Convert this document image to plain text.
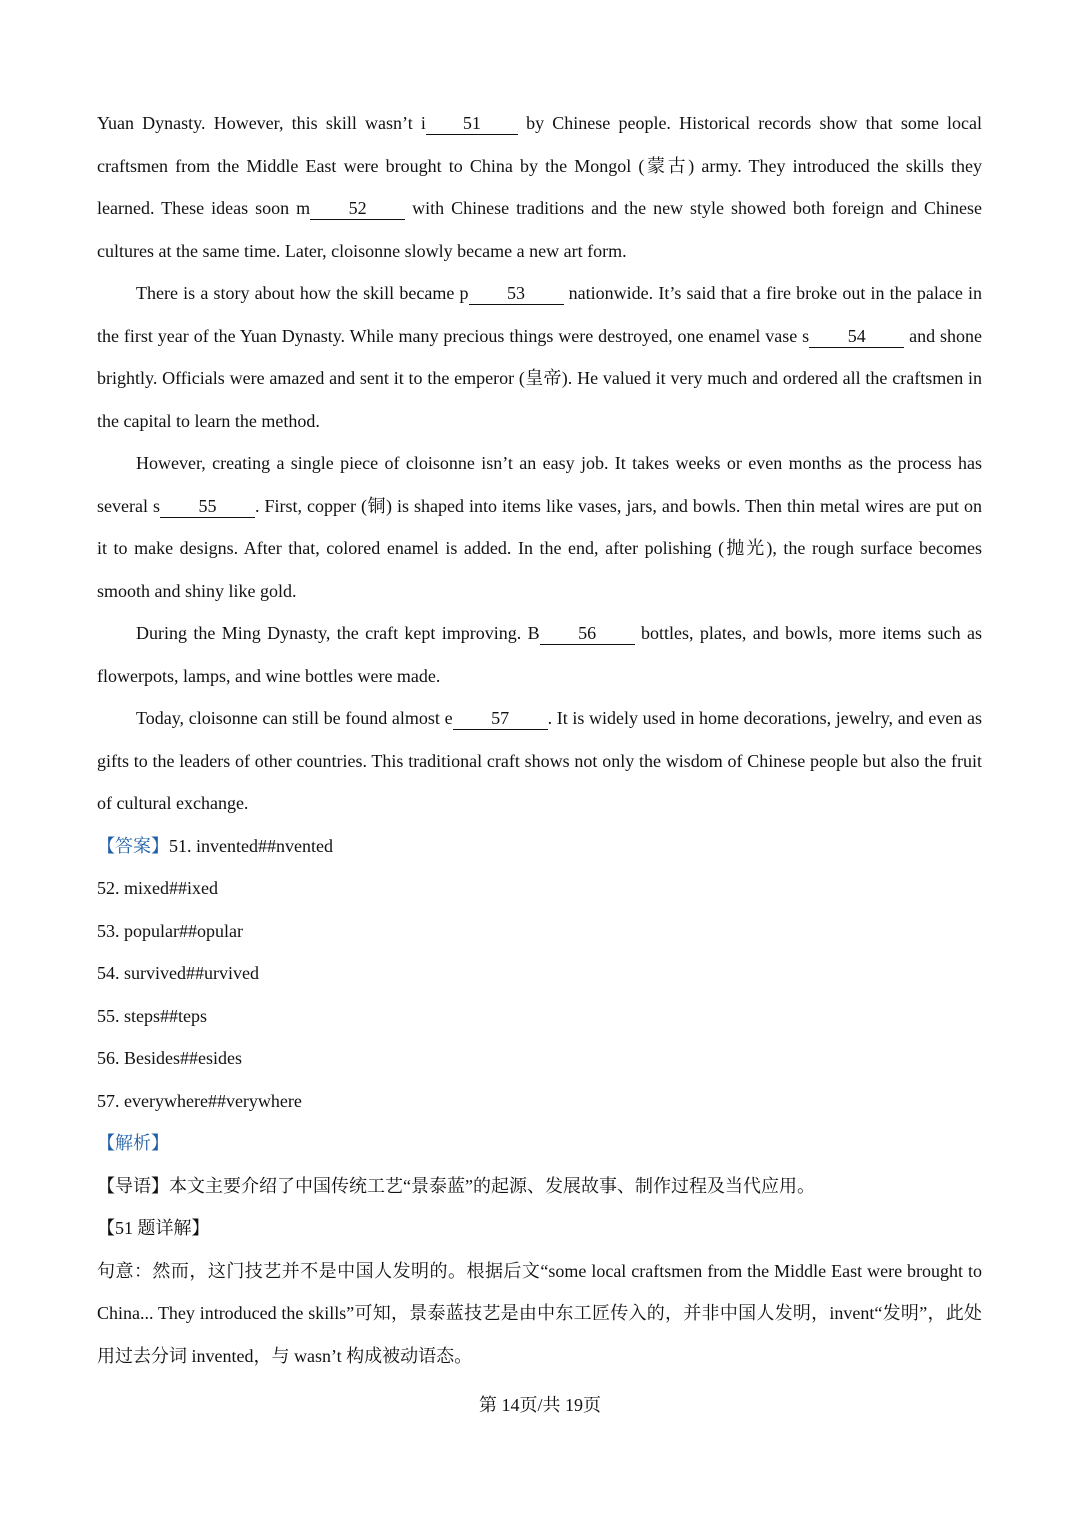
Yuan Dynasty. However, this skill wasn’t i 51 by Chinese people. Historical records show that some local craftsmen from the Middle East were brought to China by the Mongol (蒙古) army. They introduced the skills they learned. These ideas soon m 52 with Chinese traditions and the new style showed both foreign and Chinese cultures at the same time. Later, cloisonne slowly became a new art form.

There is a story about how the skill became p 53 nationwide. It’s said that a fire broke out in the palace in the first year of the Yuan Dynasty. While many precious things were destroyed, one enamel vase s 54 and shone brightly. Officials were amazed and sent it to the emperor (皇帝). He valued it very much and ordered all the craftsmen in the capital to learn the method.

However, creating a single piece of cloisonne isn’t an easy job. It takes weeks or even months as the process has several s 55 . First, copper (铜) is shaped into items like vases, jars, and bowls. Then thin metal wires are put on it to make designs. After that, colored enamel is added. In the end, after polishing (抛光), the rough surface becomes smooth and shiny like gold.

During the Ming Dynasty, the craft kept improving. B 56 bottles, plates, and bowls, more items such as flowerpots, lamps, and wine bottles were made.

Today, cloisonne can still be found almost e 57 . It is widely used in home decorations, jewelry, and even as gifts to the leaders of other countries. This traditional craft shows not only the wisdom of Chinese people but also the fruit of cultural exchange.

【答案】51. invented##nvented

52. mixed##ixed

53. popular##opular

54. survived##urvived

55. steps##teps

56. Besides##esides

57. everywhere##verywhere

【解析】

【导语】本文主要介绍了中国传统工艺“景泰蓝”的起源、发展故事、制作过程及当代应用。

【51 题详解】

句意：然而，这门技艺并不是中国人发明的。根据后文“some local craftsmen from the Middle East were brought to China... They introduced the skills”可知，景泰蓝技艺是由中东工匠传入的，并非中国人发明，invent“发明”，此处用过去分词 invented，与 wasn’t 构成被动语态。

第 14页/共 19页
